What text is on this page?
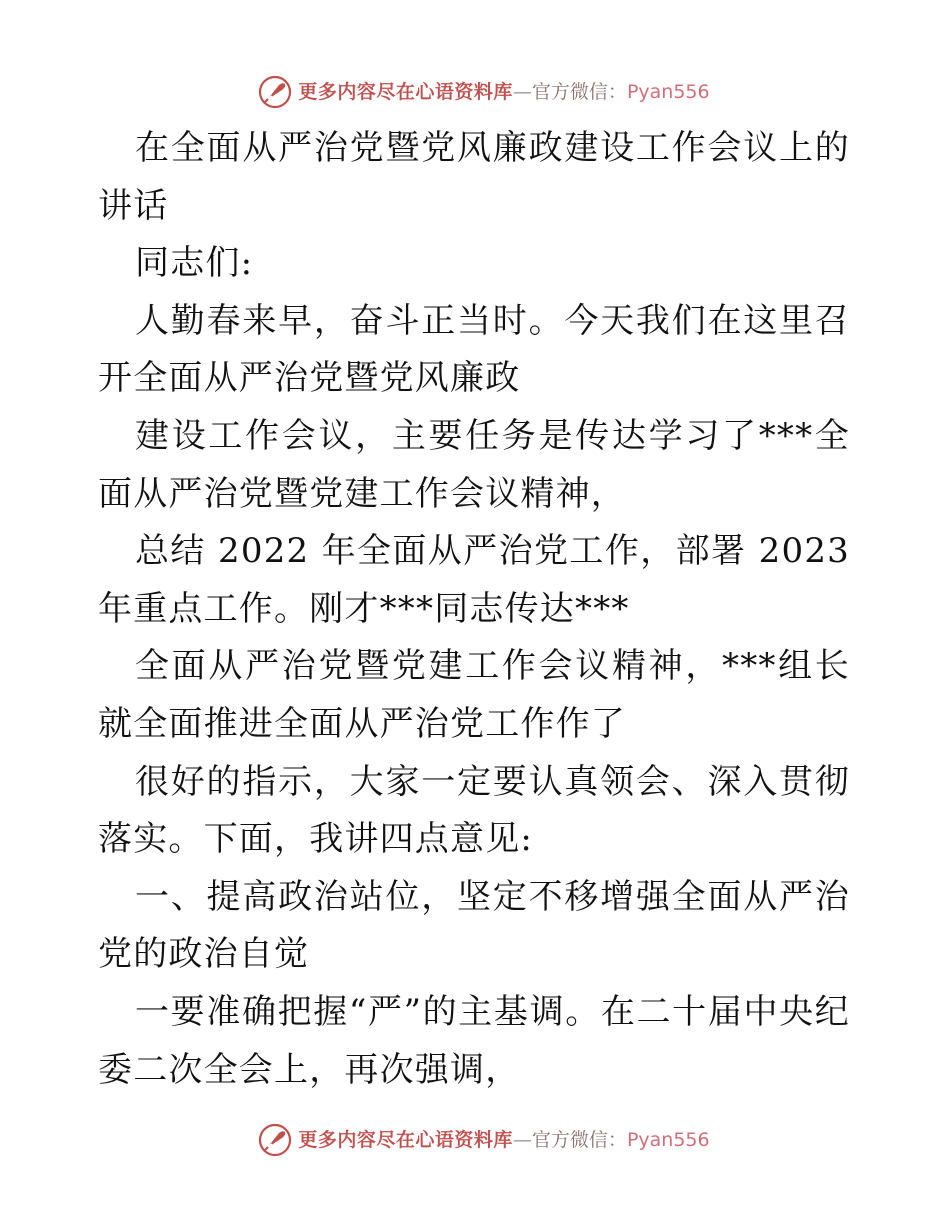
更多内容尽在心语资料库—官方微信：Pyan556

在全面从严治党暨党风廉政建设工作会议上的讲话

同志们:

人勤春来早，奋斗正当时。今天我们在这里召开全面从严治党暨党风廉政

建设工作会议，主要任务是传达学习了***全面从严治党暨党建工作会议精神，

总结 2022 年全面从严治党工作，部署 2023 年重点工作。刚才***同志传达***

全面从严治党暨党建工作会议精神，***组长就全面推进全面从严治党工作作了

很好的指示，大家一定要认真领会、深入贯彻落实。下面，我讲四点意见:

一、提高政治站位，坚定不移增强全面从严治党的政治自觉

一要准确把握“严”的主基调。在二十届中央纪委二次全会上，再次强调，

更多内容尽在心语资料库—官方微信：Pyan556
